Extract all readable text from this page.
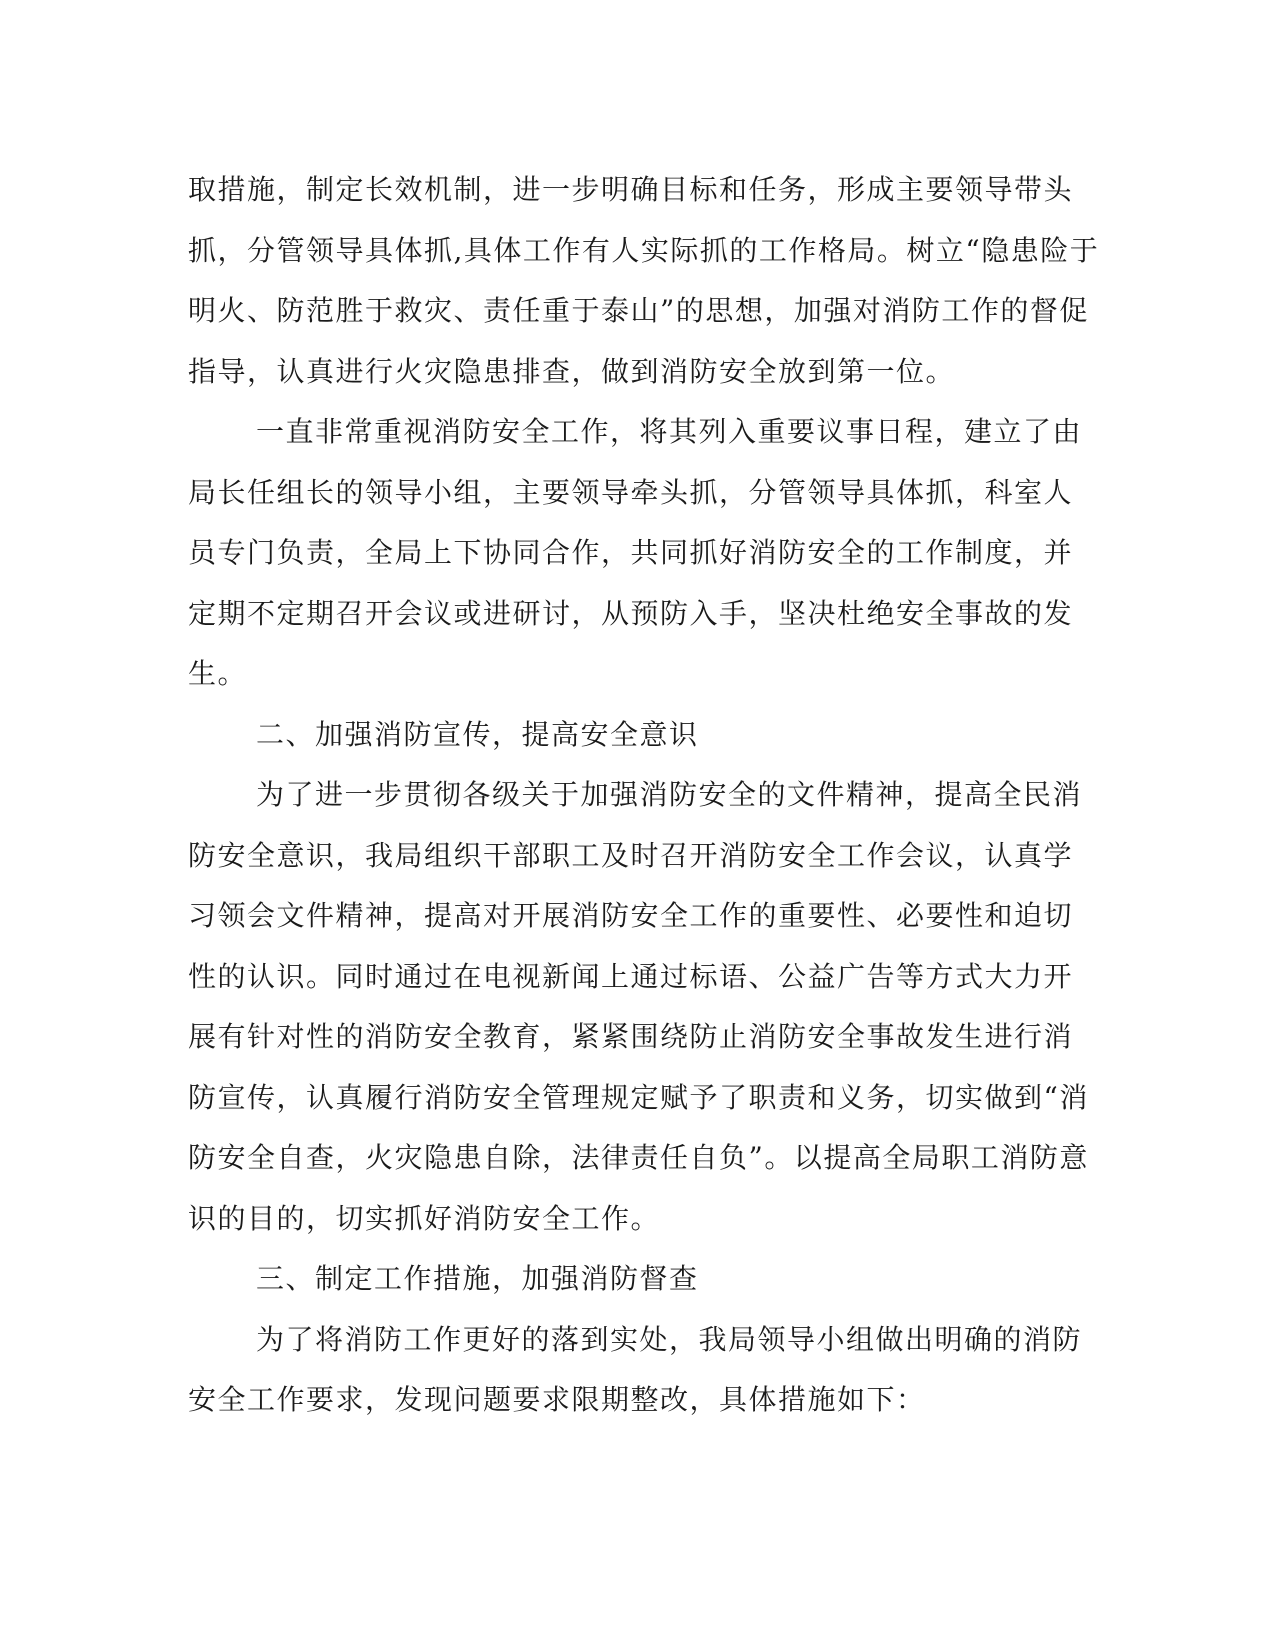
取措施，制定长效机制，进一步明确目标和任务，形成主要领导带头
抓，分管领导具体抓,具体工作有人实际抓的工作格局。树立“隐患险于
明火、防范胜于救灾、责任重于泰山”的思想，加强对消防工作的督促
指导，认真进行火灾隐患排查，做到消防安全放到第一位。
一直非常重视消防安全工作，将其列入重要议事日程，建立了由
局长任组长的领导小组，主要领导牵头抓，分管领导具体抓，科室人
员专门负责，全局上下协同合作，共同抓好消防安全的工作制度，并
定期不定期召开会议或进研讨，从预防入手，坚决杜绝安全事故的发
生。
二、加强消防宣传，提高安全意识
为了进一步贯彻各级关于加强消防安全的文件精神，提高全民消
防安全意识，我局组织干部职工及时召开消防安全工作会议，认真学
习领会文件精神，提高对开展消防安全工作的重要性、必要性和迫切
性的认识。同时通过在电视新闻上通过标语、公益广告等方式大力开
展有针对性的消防安全教育，紧紧围绕防止消防安全事故发生进行消
防宣传，认真履行消防安全管理规定赋予了职责和义务，切实做到“消
防安全自查，火灾隐患自除，法律责任自负”。以提高全局职工消防意
识的目的，切实抓好消防安全工作。
三、制定工作措施，加强消防督查
为了将消防工作更好的落到实处，我局领导小组做出明确的消防
安全工作要求，发现问题要求限期整改，具体措施如下：
